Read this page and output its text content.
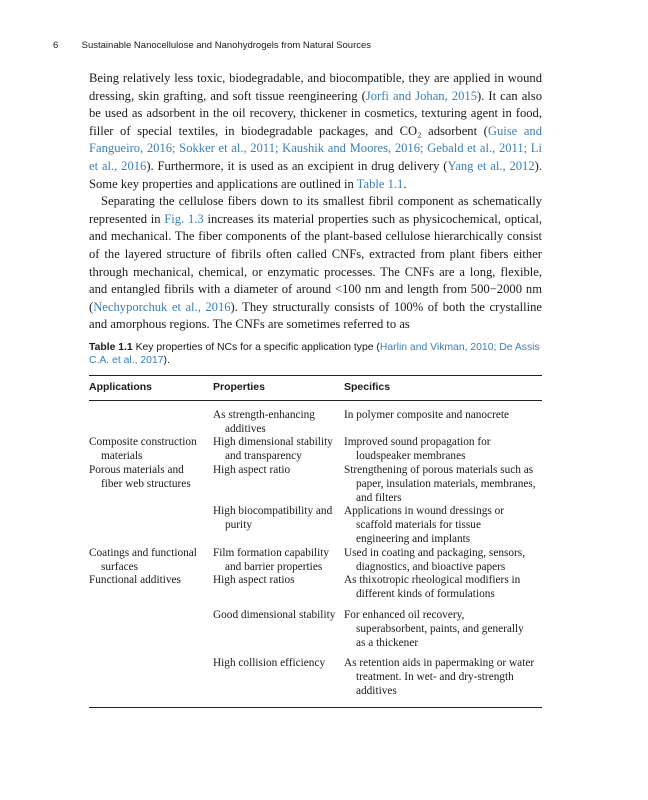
6 Sustainable Nanocellulose and Nanohydrogels from Natural Sources

Being relatively less toxic, biodegradable, and biocompatible, they are applied in wound dressing, skin grafting, and soft tissue reengineering (Jorfi and Johan, 2015). It can also be used as adsorbent in the oil recovery, thickener in cosmetics, texturing agent in food, filler of special textiles, in biodegradable packages, and CO₂ adsorbent (Guise and Fangueiro, 2016; Sokker et al., 2011; Kaushik and Moores, 2016; Gebald et al., 2011; Li et al., 2016). Furthermore, it is used as an excipient in drug delivery (Yang et al., 2012). Some key properties and applications are outlined in Table 1.1.

Separating the cellulose fibers down to its smallest fibril component as schematically represented in Fig. 1.3 increases its material properties such as physicochemical, optical, and mechanical. The fiber components of the plant-based cellulose hierarchically consist of the layered structure of fibrils often called CNFs, extracted from plant fibers either through mechanical, chemical, or enzymatic processes. The CNFs are a long, flexible, and entangled fibrils with a diameter of around <100 nm and length from 500−2000 nm (Nechyporchuk et al., 2016). They structurally consists of 100% of both the crystalline and amorphous regions. The CNFs are sometimes referred to as

Table 1.1 Key properties of NCs for a specific application type (Harlin and Vikman, 2010; De Assis C.A. et al., 2017).

Applications	Properties	Specifics

	As strength-enhancing additives	In polymer composite and nanocrete

Composite construction materials	High dimensional stability and transparency	Improved sound propagation for loudspeaker membranes

Porous materials and fiber web structures	High aspect ratio	Strengthening of porous materials such as paper, insulation materials, membranes, and filters

	High biocompatibility and purity	Applications in wound dressings or scaffold materials for tissue engineering and implants

Coatings and functional surfaces	Film formation capability and barrier properties	Used in coating and packaging, sensors, diagnostics, and bioactive papers

Functional additives	High aspect ratios	As thixotropic rheological modifiers in different kinds of formulations

	Good dimensional stability	For enhanced oil recovery, superabsorbent, paints, and generally as a thickener

	High collision efficiency	As retention aids in papermaking or water treatment. In wet- and dry-strength additives
